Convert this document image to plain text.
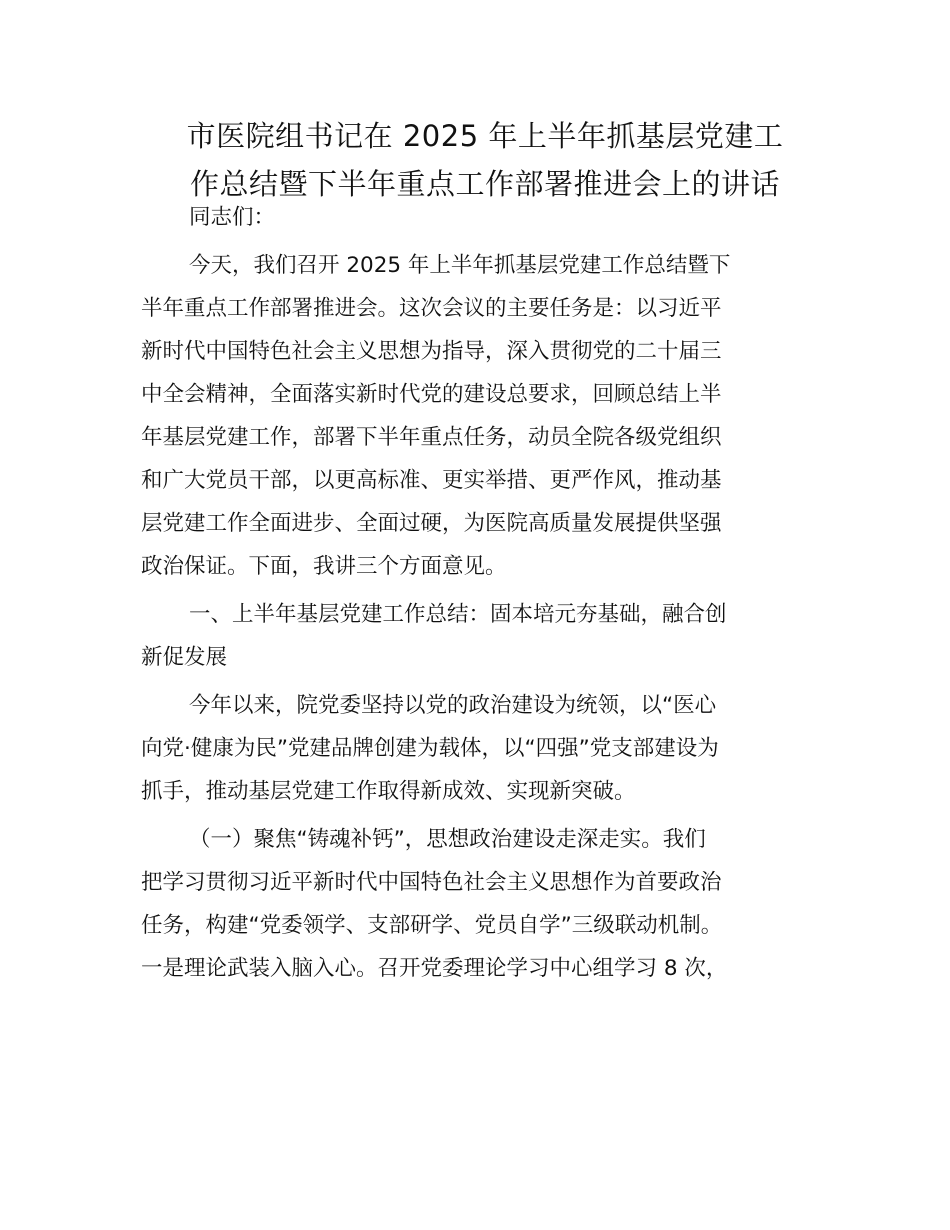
市医院组书记在 2025 年上半年抓基层党建工
作总结暨下半年重点工作部署推进会上的讲话

同志们：

今天，我们召开 2025 年上半年抓基层党建工作总结暨下
半年重点工作部署推进会。这次会议的主要任务是：以习近平
新时代中国特色社会主义思想为指导，深入贯彻党的二十届三
中全会精神，全面落实新时代党的建设总要求，回顾总结上半
年基层党建工作，部署下半年重点任务，动员全院各级党组织
和广大党员干部，以更高标准、更实举措、更严作风，推动基
层党建工作全面进步、全面过硬，为医院高质量发展提供坚强
政治保证。下面，我讲三个方面意见。

一、上半年基层党建工作总结：固本培元夯基础，融合创
新促发展

今年以来，院党委坚持以党的政治建设为统领，以“医心
向党·健康为民”党建品牌创建为载体，以“四强”党支部建设为
抓手，推动基层党建工作取得新成效、实现新突破。

（一）聚焦“铸魂补钙”，思想政治建设走深走实。我们
把学习贯彻习近平新时代中国特色社会主义思想作为首要政治
任务，构建“党委领学、支部研学、党员自学”三级联动机制。
一是理论武装入脑入心。召开党委理论学习中心组学习 8 次，
